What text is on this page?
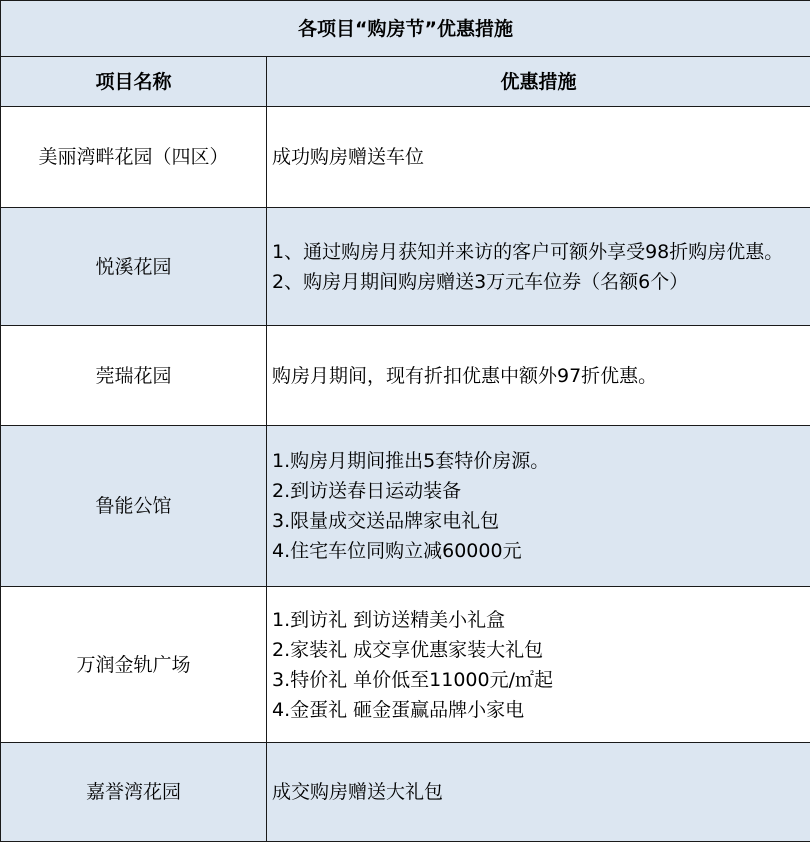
各项目“购房节”优惠措施	
项目名称	优惠措施
美丽湾畔花园（四区）	成功购房赠送车位

悦溪花园	1、通过购房月获知并来访的客户可额外享受98折购房优惠。
2、购房月期间购房赠送3万元车位券（名额6个）

莞瑞花园	购房月期间，现有折扣优惠中额外97折优惠。

鲁能公馆	1.购房月期间推出5套特价房源。
2.到访送春日运动装备
3.限量成交送品牌家电礼包
4.住宅车位同购立减60000元

万润金轨广场	1.到访礼 到访送精美小礼盒
2.家装礼 成交享优惠家装大礼包
3.特价礼 单价低至11000元/㎡起
4.金蛋礼 砸金蛋赢品牌小家电

嘉誉湾花园	成交购房赠送大礼包
